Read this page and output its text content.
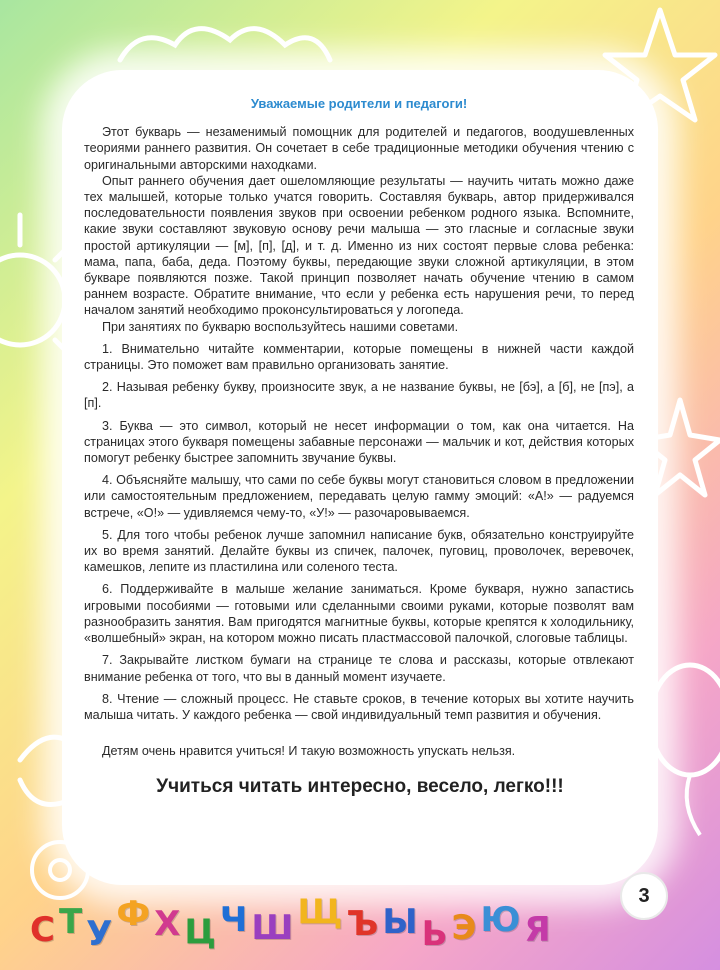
Уважаемые родители и педагоги!

Этот букварь — незаменимый помощник для родителей и педагогов, воодушевленных теориями раннего развития. Он сочетает в себе традиционные методики обучения чтению с оригинальными авторскими находками.

Опыт раннего обучения дает ошеломляющие результаты — научить читать можно даже тех малышей, которые только учатся говорить. Составляя букварь, автор придерживался последовательности появления звуков при освоении ребенком родного языка. Вспомните, какие звуки составляют звуковую основу речи малыша — это гласные и согласные звуки простой артикуляции — [м], [п], [д], и т. д. Именно из них состоят первые слова ребенка: мама, папа, баба, деда. Поэтому буквы, передающие звуки сложной артикуляции, в этом букваре появляются позже. Такой принцип позволяет начать обучение чтению в самом раннем возрасте. Обратите внимание, что если у ребенка есть нарушения речи, то перед началом занятий необходимо проконсультироваться у логопеда.

При занятиях по букварю воспользуйтесь нашими советами.

1. Внимательно читайте комментарии, которые помещены в нижней части каждой страницы. Это поможет вам правильно организовать занятие.

2. Называя ребенку букву, произносите звук, а не название буквы, не [бэ], а [б], не [пэ], а [п].

3. Буква — это символ, который не несет информации о том, как она читается. На страницах этого букваря помещены забавные персонажи — мальчик и кот, действия которых помогут ребенку быстрее запомнить звучание буквы.

4. Объясняйте малышу, что сами по себе буквы могут становиться словом в предложении или самостоятельным предложением, передавать целую гамму эмоций: «А!» — радуемся встрече, «О!» — удивляемся чему-то, «У!» — разочаровываемся.

5. Для того чтобы ребенок лучше запомнил написание букв, обязательно конструируйте их во время занятий. Делайте буквы из спичек, палочек, пуговиц, проволочек, веревочек, камешков, лепите из пластилина или соленого теста.

6. Поддерживайте в малыше желание заниматься. Кроме букваря, нужно запастись игровыми пособиями — готовыми или сделанными своими руками, которые позволят вам разнообразить занятия. Вам пригодятся магнитные буквы, которые крепятся к холодильнику, «волшебный» экран, на котором можно писать пластмассовой палочкой, слоговые таблицы.

7. Закрывайте листком бумаги на странице те слова и рассказы, которые отвлекают внимание ребенка от того, что вы в данный момент изучаете.

8. Чтение — сложный процесс. Не ставьте сроков, в течение которых вы хотите научить малыша читать. У каждого ребенка — свой индивидуальный темп развития и обучения.

Детям очень нравится учиться! И такую возможность упускать нельзя.

Учиться читать интересно, весело, легко!!!
3
С Т У Ф Х Ц Ч Ш Щ Ъ Ы Ь Э Ю Я
